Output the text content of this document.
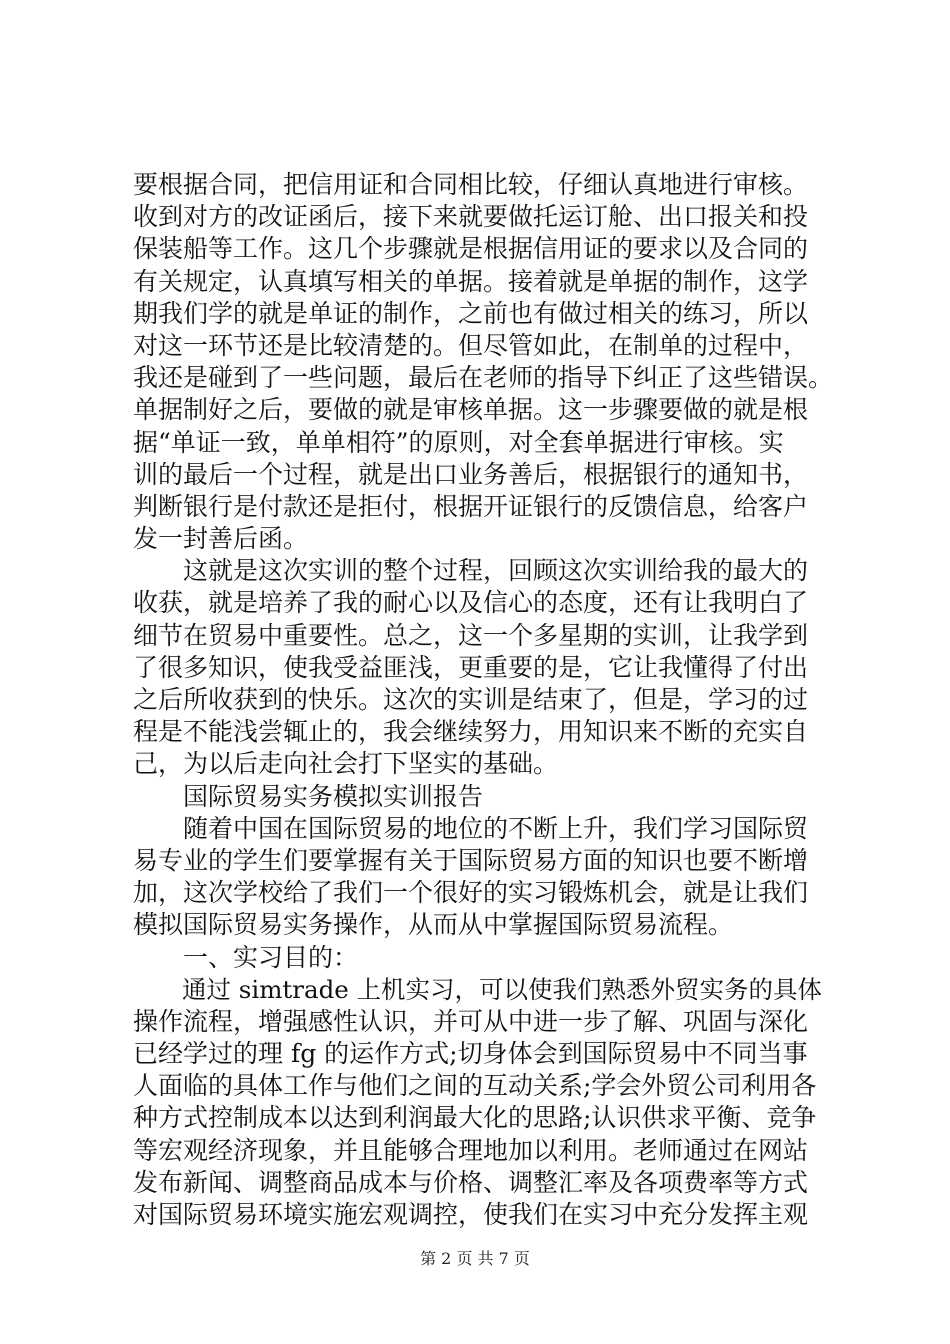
要根据合同，把信用证和合同相比较，仔细认真地进行审核。
收到对方的改证函后，接下来就要做托运订舱、出口报关和投
保装船等工作。这几个步骤就是根据信用证的要求以及合同的
有关规定，认真填写相关的单据。接着就是单据的制作，这学
期我们学的就是单证的制作，之前也有做过相关的练习，所以
对这一环节还是比较清楚的。但尽管如此，在制单的过程中，
我还是碰到了一些问题，最后在老师的指导下纠正了这些错误。
单据制好之后，要做的就是审核单据。这一步骤要做的就是根
据“单证一致，单单相符”的原则，对全套单据进行审核。实
训的最后一个过程，就是出口业务善后，根据银行的通知书，
判断银行是付款还是拒付，根据开证银行的反馈信息，给客户
发一封善后函。
　　这就是这次实训的整个过程，回顾这次实训给我的最大的
收获，就是培养了我的耐心以及信心的态度，还有让我明白了
细节在贸易中重要性。总之，这一个多星期的实训，让我学到
了很多知识，使我受益匪浅，更重要的是，它让我懂得了付出
之后所收获到的快乐。这次的实训是结束了，但是，学习的过
程是不能浅尝辄止的，我会继续努力，用知识来不断的充实自
己，为以后走向社会打下坚实的基础。
　　国际贸易实务模拟实训报告
　　随着中国在国际贸易的地位的不断上升，我们学习国际贸
易专业的学生们要掌握有关于国际贸易方面的知识也要不断增
加，这次学校给了我们一个很好的实习锻炼机会，就是让我们
模拟国际贸易实务操作，从而从中掌握国际贸易流程。
　　一、实习目的：
　　通过 simtrade 上机实习，可以使我们熟悉外贸实务的具体
操作流程，增强感性认识，并可从中进一步了解、巩固与深化
已经学过的理 fg 的运作方式;切身体会到国际贸易中不同当事
人面临的具体工作与他们之间的互动关系;学会外贸公司利用各
种方式控制成本以达到利润最大化的思路;认识供求平衡、竞争
等宏观经济现象，并且能够合理地加以利用。老师通过在网站
发布新闻、调整商品成本与价格、调整汇率及各项费率等方式
对国际贸易环境实施宏观调控，使我们在实习中充分发挥主观
第 2 页 共 7 页
